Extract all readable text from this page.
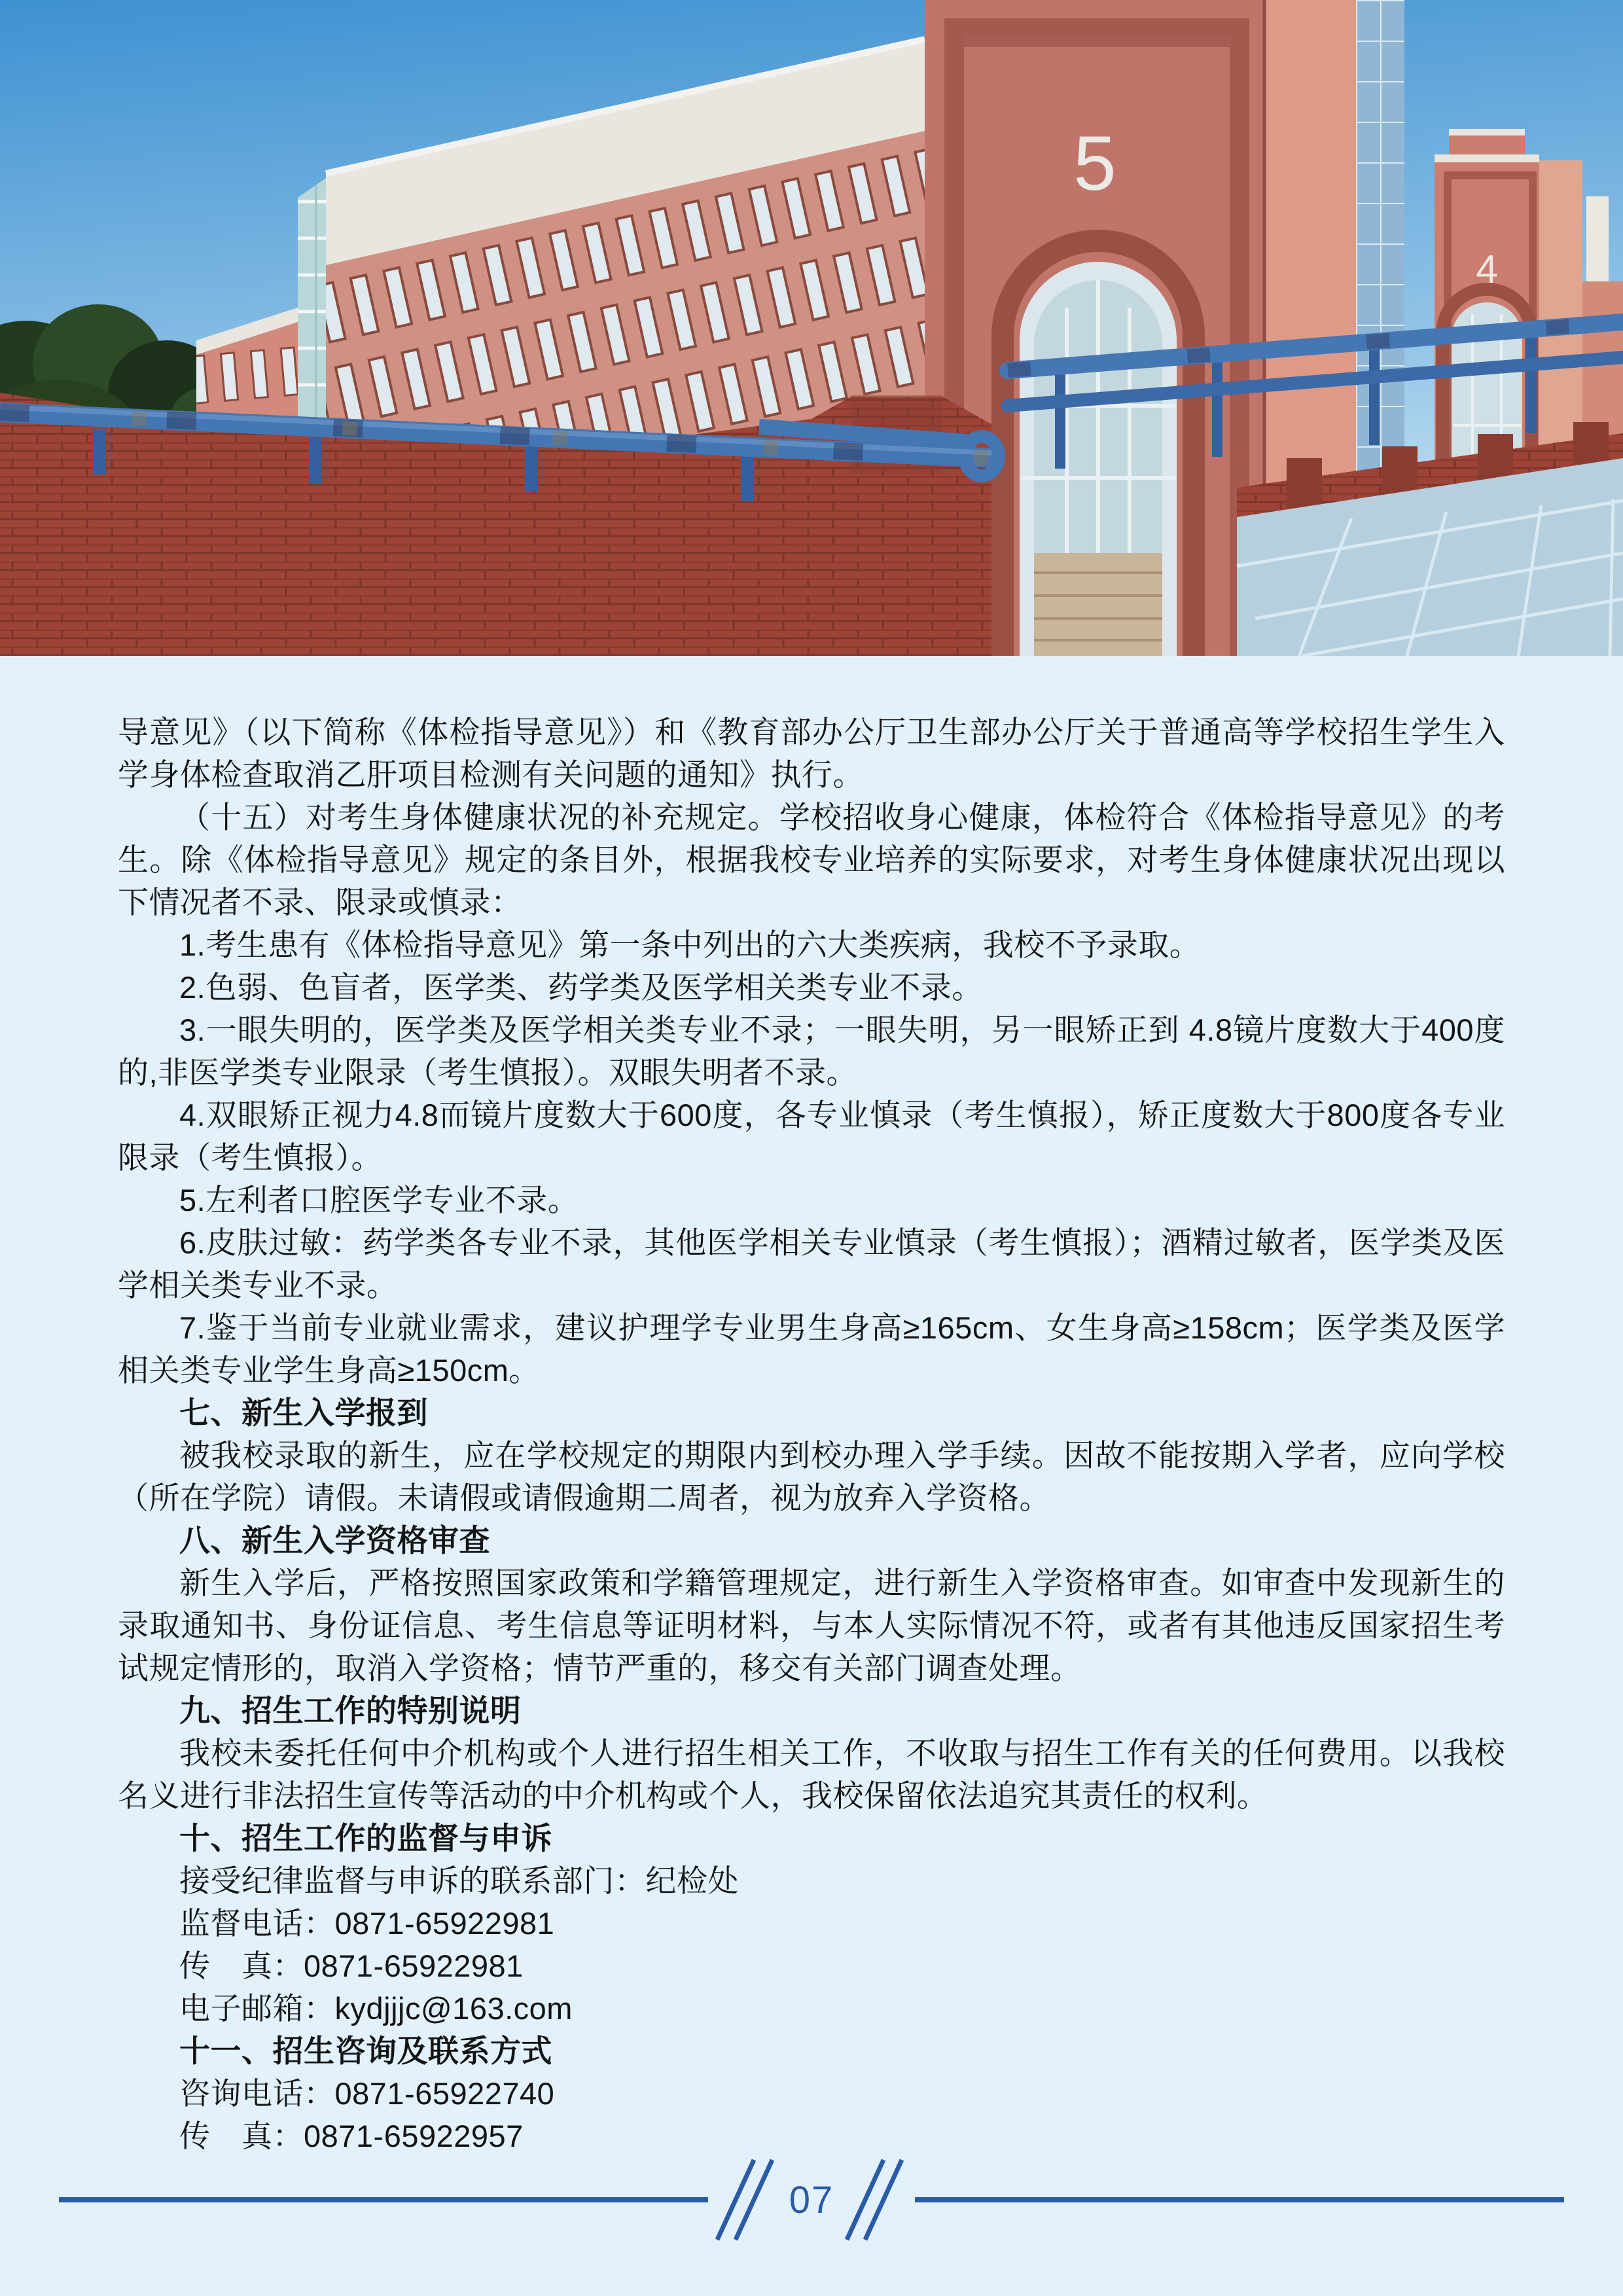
5
4

导意见》（以下简称《体检指导意见》）和《教育部办公厅卫生部办公厅关于普通高等学校招生学生入学身体检查取消乙肝项目检测有关问题的通知》执行。

（十五）对考生身体健康状况的补充规定。学校招收身心健康，体检符合《体检指导意见》的考生。除《体检指导意见》规定的条目外，根据我校专业培养的实际要求，对考生身体健康状况出现以下情况者不录、限录或慎录：

1.考生患有《体检指导意见》第一条中列出的六大类疾病，我校不予录取。

2.色弱、色盲者，医学类、药学类及医学相关类专业不录。

3.一眼失明的，医学类及医学相关类专业不录；一眼失明，另一眼矫正到 4.8镜片度数大于400度的,非医学类专业限录（考生慎报）。双眼失明者不录。

4.双眼矫正视力4.8而镜片度数大于600度，各专业慎录（考生慎报），矫正度数大于800度各专业限录（考生慎报）。

5.左利者口腔医学专业不录。

6.皮肤过敏：药学类各专业不录，其他医学相关专业慎录（考生慎报）；酒精过敏者，医学类及医学相关类专业不录。

7.鉴于当前专业就业需求，建议护理学专业男生身高≥165cm、女生身高≥158cm；医学类及医学相关类专业学生身高≥150cm。

七、新生入学报到

被我校录取的新生，应在学校规定的期限内到校办理入学手续。因故不能按期入学者，应向学校（所在学院）请假。未请假或请假逾期二周者，视为放弃入学资格。

八、新生入学资格审查

新生入学后，严格按照国家政策和学籍管理规定，进行新生入学资格审查。如审查中发现新生的录取通知书、身份证信息、考生信息等证明材料，与本人实际情况不符，或者有其他违反国家招生考试规定情形的，取消入学资格；情节严重的，移交有关部门调查处理。

九、招生工作的特别说明

我校未委托任何中介机构或个人进行招生相关工作，不收取与招生工作有关的任何费用。以我校名义进行非法招生宣传等活动的中介机构或个人，我校保留依法追究其责任的权利。

十、招生工作的监督与申诉

接受纪律监督与申诉的联系部门：纪检处

监督电话：0871-65922981

传　真：0871-65922981

电子邮箱：kydjjjc@163.com

十一、招生咨询及联系方式

咨询电话：0871-65922740

传　真：0871-65922957

07
